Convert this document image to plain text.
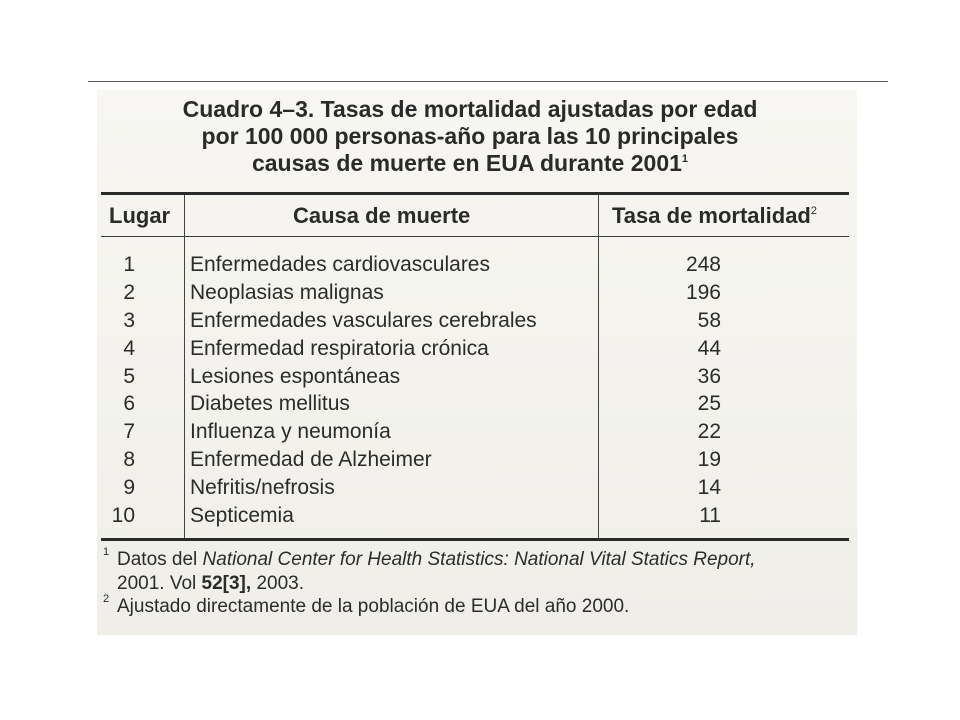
Cuadro 4–3. Tasas de mortalidad ajustadas por edad
por 100 000 personas-año para las 10 principales
causas de muerte en EUA durante 2001$^1$
Lugar	Causa de muerte	Tasa de mortalidad$^2$
1	Enfermedades cardiovasculares	248
2	Neoplasias malignas	196
3	Enfermedades vasculares cerebrales	58
4	Enfermedad respiratoria crónica	44
5	Lesiones espontáneas	36
6	Diabetes mellitus	25
7	Influenza y neumonía	22
8	Enfermedad de Alzheimer	19
9	Nefritis/nefrosis	14
10	Septicemia	11
1 Datos del National Center for Health Statistics: National Vital Statics Report,
2001. Vol 52[3], 2003.
2 Ajustado directamente de la población de EUA del año 2000.
